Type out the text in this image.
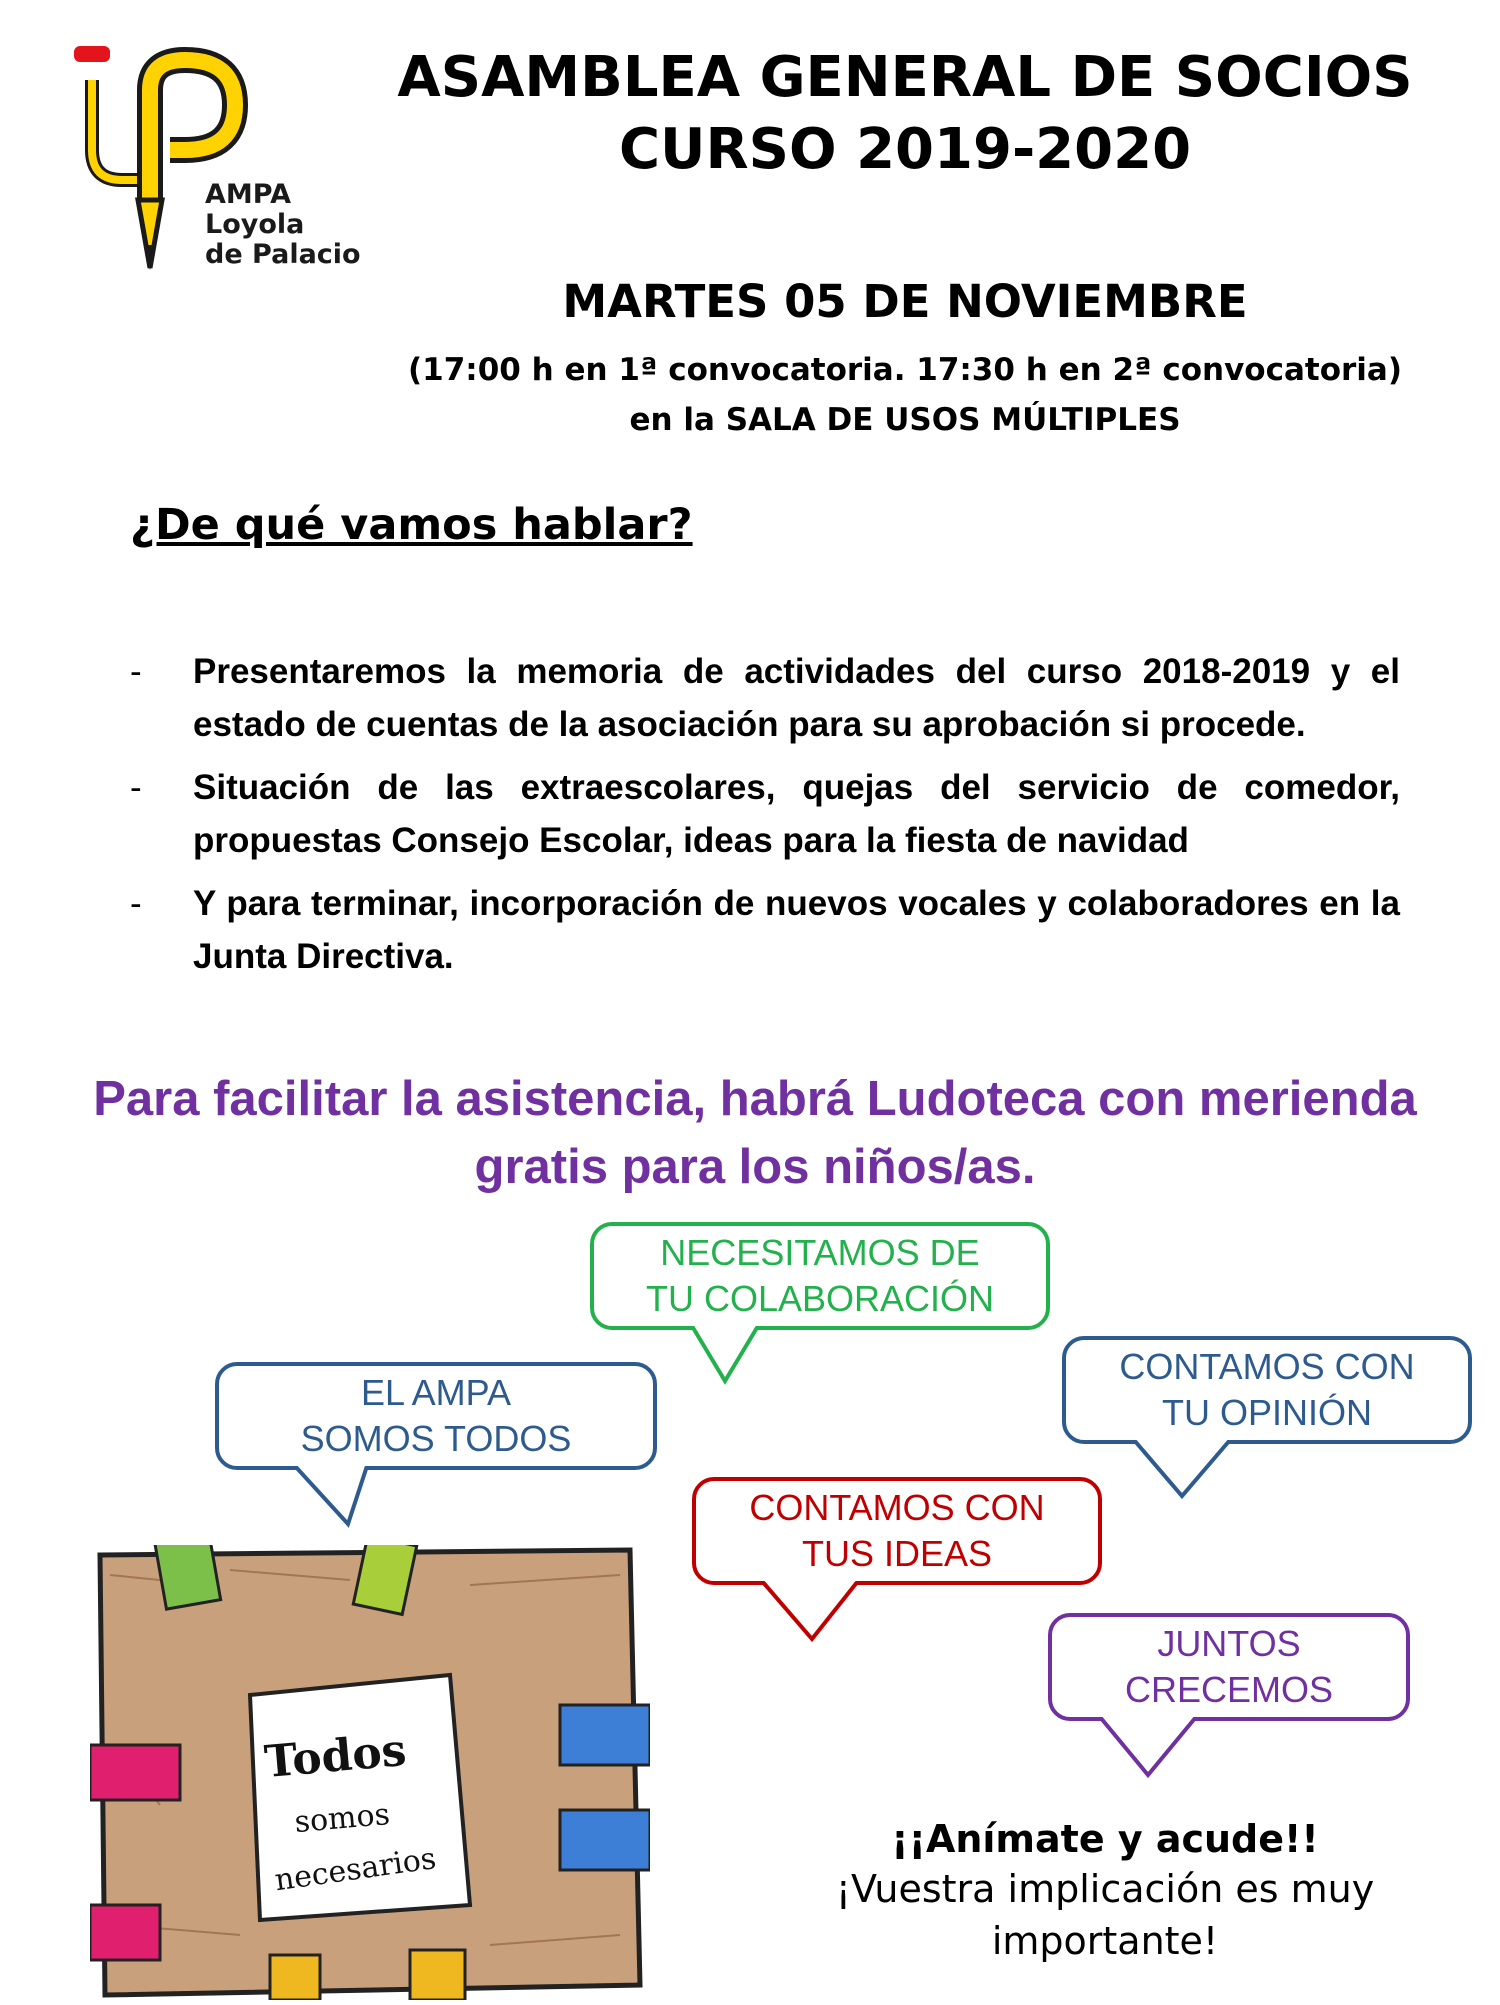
AMPA
Loyola
de Palacio
ASAMBLEA GENERAL DE SOCIOS
CURSO 2019-2020
MARTES 05 DE NOVIEMBRE
(17:00 h en 1ª convocatoria. 17:30 h en 2ª convocatoria)
en la SALA DE USOS MÚLTIPLES
¿De qué vamos hablar?
- Presentaremos la memoria de actividades del curso 2018-2019 y el estado de cuentas de la asociación para su aprobación si procede.
- Situación de las extraescolares, quejas del servicio de comedor, propuestas Consejo Escolar, ideas para la fiesta de navidad
- Y para terminar, incorporación de nuevos vocales y colaboradores en la Junta Directiva.
Para facilitar la asistencia, habrá Ludoteca con merienda
gratis para los niños/as.
NECESITAMOS DE
TU COLABORACIÓN
EL AMPA
SOMOS TODOS
CONTAMOS CON
TU OPINIÓN
CONTAMOS CON
TUS IDEAS
JUNTOS
CRECEMOS
Todos
somos
necesarios
¡¡Anímate y acude!!
¡Vuestra implicación es muy
importante!
